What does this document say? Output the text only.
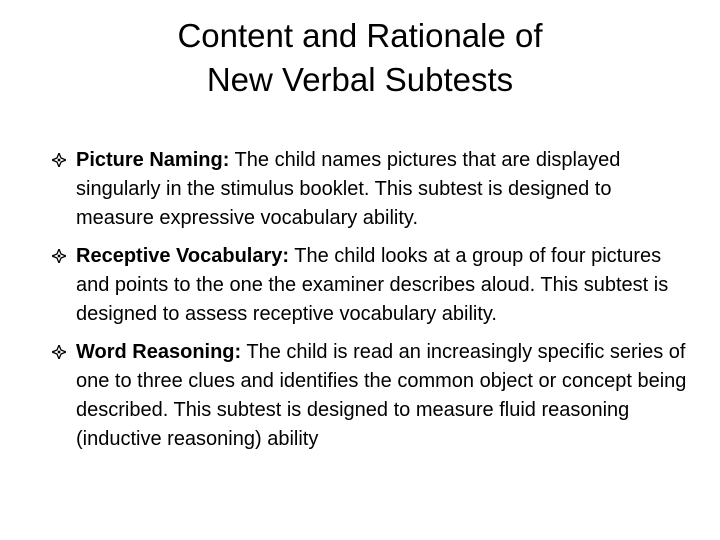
Content and Rationale of
New Verbal Subtests
Picture Naming: The child names pictures that are displayed singularly in the stimulus booklet. This subtest is designed to measure expressive vocabulary ability.
Receptive Vocabulary: The child looks at a group of four pictures and points to the one the examiner describes aloud. This subtest is designed to assess receptive vocabulary ability.
Word Reasoning: The child is read an increasingly specific series of one to three clues and identifies the common object or concept being described. This subtest is designed to measure fluid reasoning (inductive reasoning) ability
